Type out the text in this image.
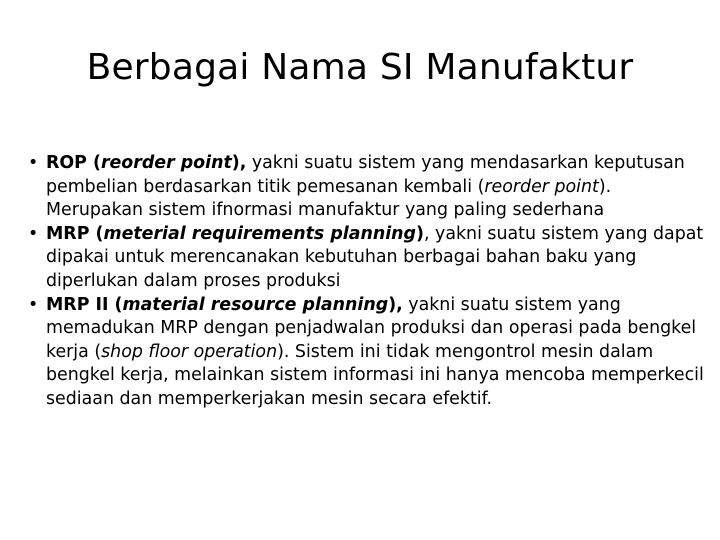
Berbagai Nama SI Manufaktur
• ROP (reorder point), yakni suatu sistem yang mendasarkan keputusan pembelian berdasarkan titik pemesanan kembali (reorder point). Merupakan sistem ifnormasi manufaktur yang paling sederhana
• MRP (meterial requirements planning), yakni suatu sistem yang dapat dipakai untuk merencanakan kebutuhan berbagai bahan baku yang diperlukan dalam proses produksi
• MRP II (material resource planning), yakni suatu sistem yang memadukan MRP dengan penjadwalan produksi dan operasi pada bengkel kerja (shop floor operation). Sistem ini tidak mengontrol mesin dalam bengkel kerja, melainkan sistem informasi ini hanya mencoba memperkecil sediaan dan memperkerjakan mesin secara efektif.
